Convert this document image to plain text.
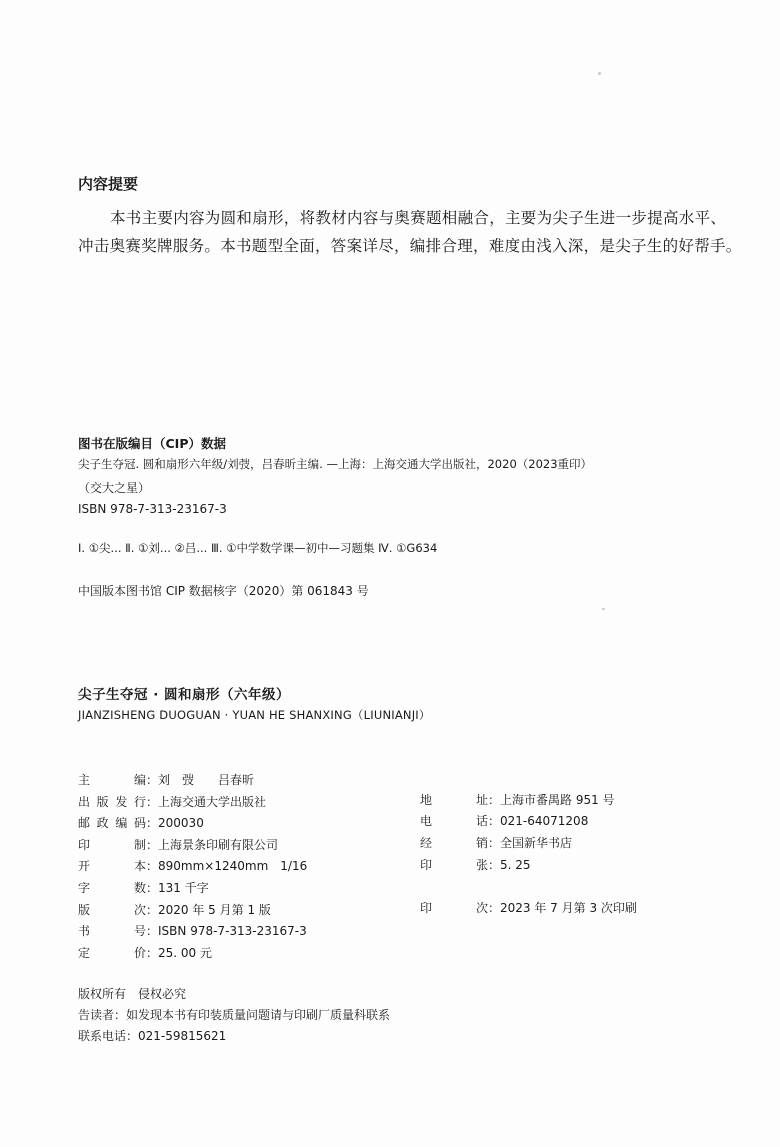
内容提要
本书主要内容为圆和扇形，将教材内容与奥赛题相融合，主要为尖子生进一步提高水平、
冲击奥赛奖牌服务。本书题型全面，答案详尽，编排合理，难度由浅入深，是尖子生的好帮手。
图书在版编目（CIP）数据
尖子生夺冠. 圆和扇形六年级/刘弢，吕春昕主编. —上海：上海交通大学出版社，2020（2023重印）
（交大之星）
ISBN 978-7-313-23167-3
Ⅰ. ①尖... Ⅱ. ①刘... ②吕... Ⅲ. ①中学数学课—初中—习题集 Ⅳ. ①G634
中国版本图书馆 CIP 数据核字（2020）第 061843 号
尖子生夺冠 · 圆和扇形（六年级）
JIANZISHENG DUOGUAN · YUAN HE SHANXING（LIUNIANJI）
主　　编：刘　弢　　吕春昕
出版发行：上海交通大学出版社
邮政编码：200030
印　　制：上海景条印刷有限公司
开　　本：890mm×1240mm　1/16
字　　数：131 千字
版　　次：2020 年 5 月第 1 版
书　　号：ISBN 978-7-313-23167-3
定　　价：25. 00 元
地　　址：上海市番禺路 951 号
电　　话：021-64071208
经　　销：全国新华书店
印　　张：5. 25
印　　次：2023 年 7 月第 3 次印刷
版权所有　侵权必究
告读者：如发现本书有印装质量问题请与印刷厂质量科联系
联系电话：021-59815621
